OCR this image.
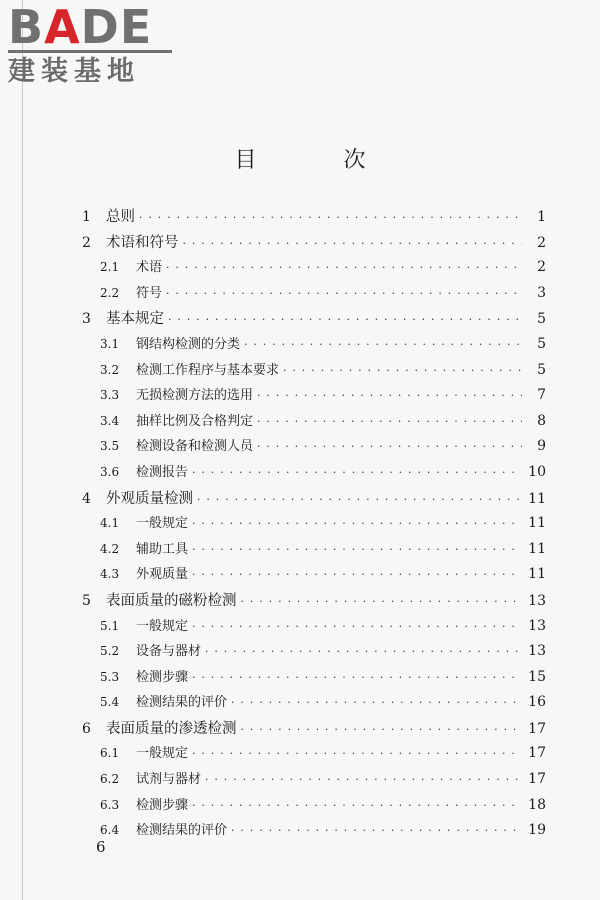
BADE
建装基地
目 次
1	总则 · · ·	1
2	术语和符号 · · ·	2
2.1	术语 · · ·	2
2.2	符号 · · ·	3
3	基本规定 · · ·	5
3.1	钢结构检测的分类 · · ·	5
3.2	检测工作程序与基本要求 · · ·	5
3.3	无损检测方法的选用 · · ·	7
3.4	抽样比例及合格判定 · · ·	8
3.5	检测设备和检测人员 · · ·	9
3.6	检测报告 · · ·	10
4	外观质量检测 · · ·	11
4.1	一般规定 · · ·	11
4.2	辅助工具 · · ·	11
4.3	外观质量 · · ·	11
5	表面质量的磁粉检测 · · ·	13
5.1	一般规定 · · ·	13
5.2	设备与器材 · · ·	13
5.3	检测步骤 · · ·	15
5.4	检测结果的评价 · · ·	16
6	表面质量的渗透检测 · · ·	17
6.1	一般规定 · · ·	17
6.2	试剂与器材 · · ·	17
6.3	检测步骤 · · ·	18
6.4	检测结果的评价 · · ·	19
6
